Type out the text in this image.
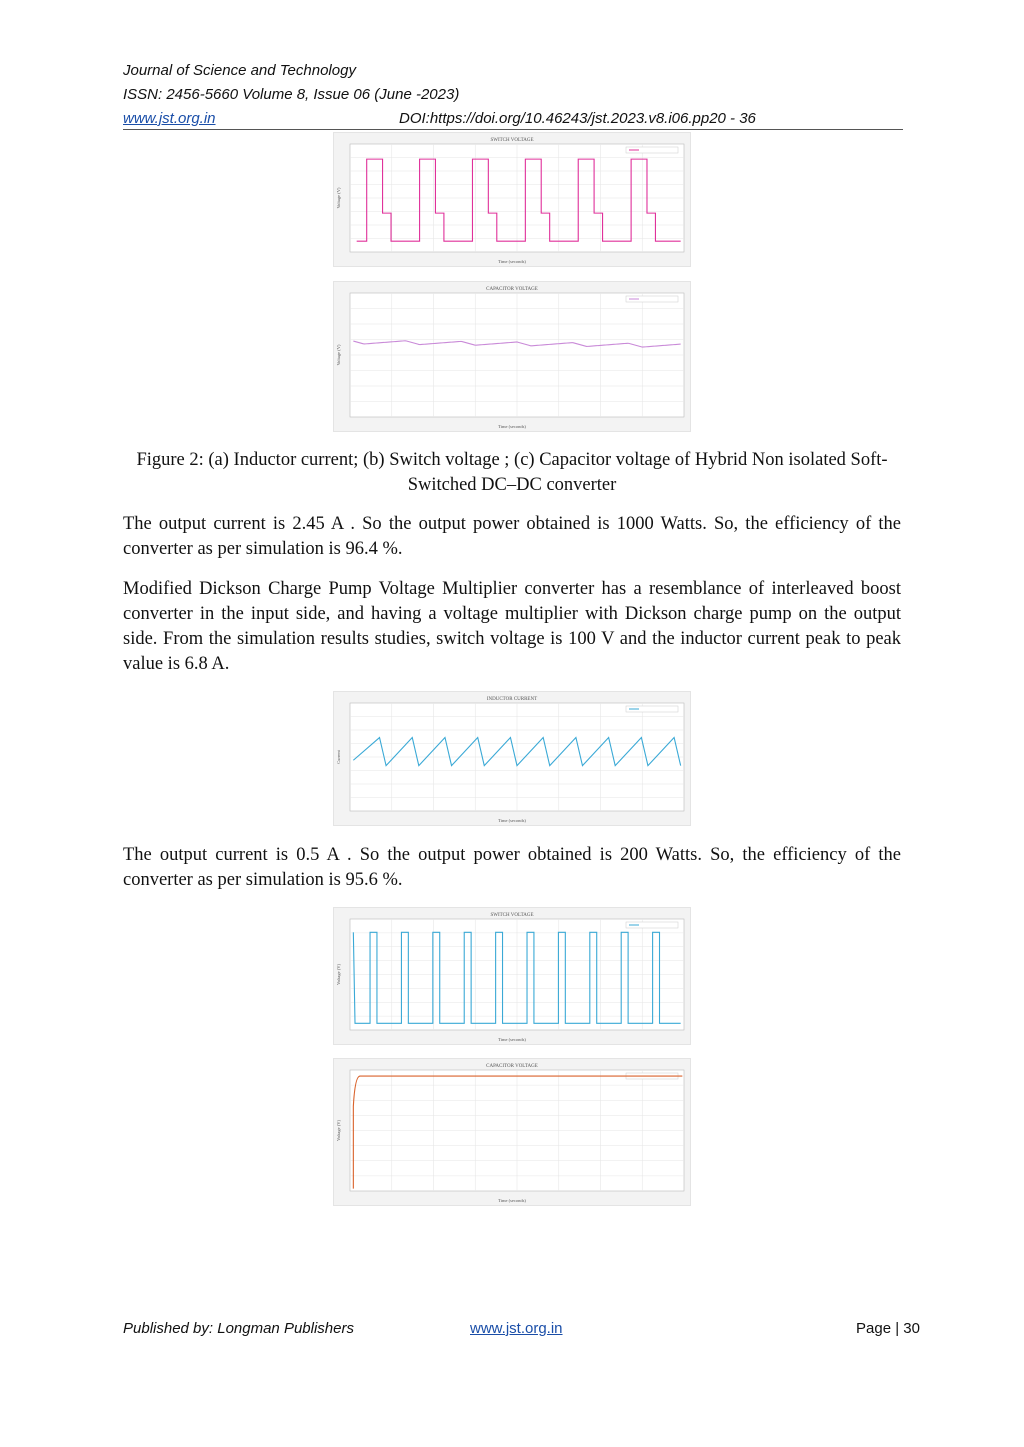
Journal of Science and Technology
ISSN: 2456-5660 Volume 8, Issue 06 (June -2023)
www.jst.org.in	DOI:https://doi.org/10.46243/jst.2023.v8.i06.pp20 - 36
SWITCH VOLTAGE
Time (seconds)
Voltage (V)
CAPACITOR VOLTAGE
Time (seconds)
Voltage (V)
Figure 2: (a) Inductor current; (b) Switch voltage ; (c) Capacitor voltage of Hybrid Non isolated Soft-Switched DC–DC converter
The output current is 2.45 A . So the output power obtained is 1000 Watts. So, the efficiency of the converter as per simulation is 96.4 %.
Modified Dickson Charge Pump Voltage Multiplier converter has a resemblance of interleaved boost converter in the input side, and having a voltage multiplier with Dickson charge pump on the output side. From the simulation results studies, switch voltage is 100 V and the inductor current peak to peak value is 6.8 A.
INDUCTOR CURRENT
Time (seconds)
Current
The output current is 0.5 A . So the output power obtained is 200 Watts. So, the efficiency of the converter as per simulation is 95.6 %.
SWITCH VOLTAGE
Time (seconds)
Voltage (V)
CAPACITOR VOLTAGE
Time (seconds)
Voltage (V)
Published by: Longman Publishers	www.jst.org.in	Page | 30
